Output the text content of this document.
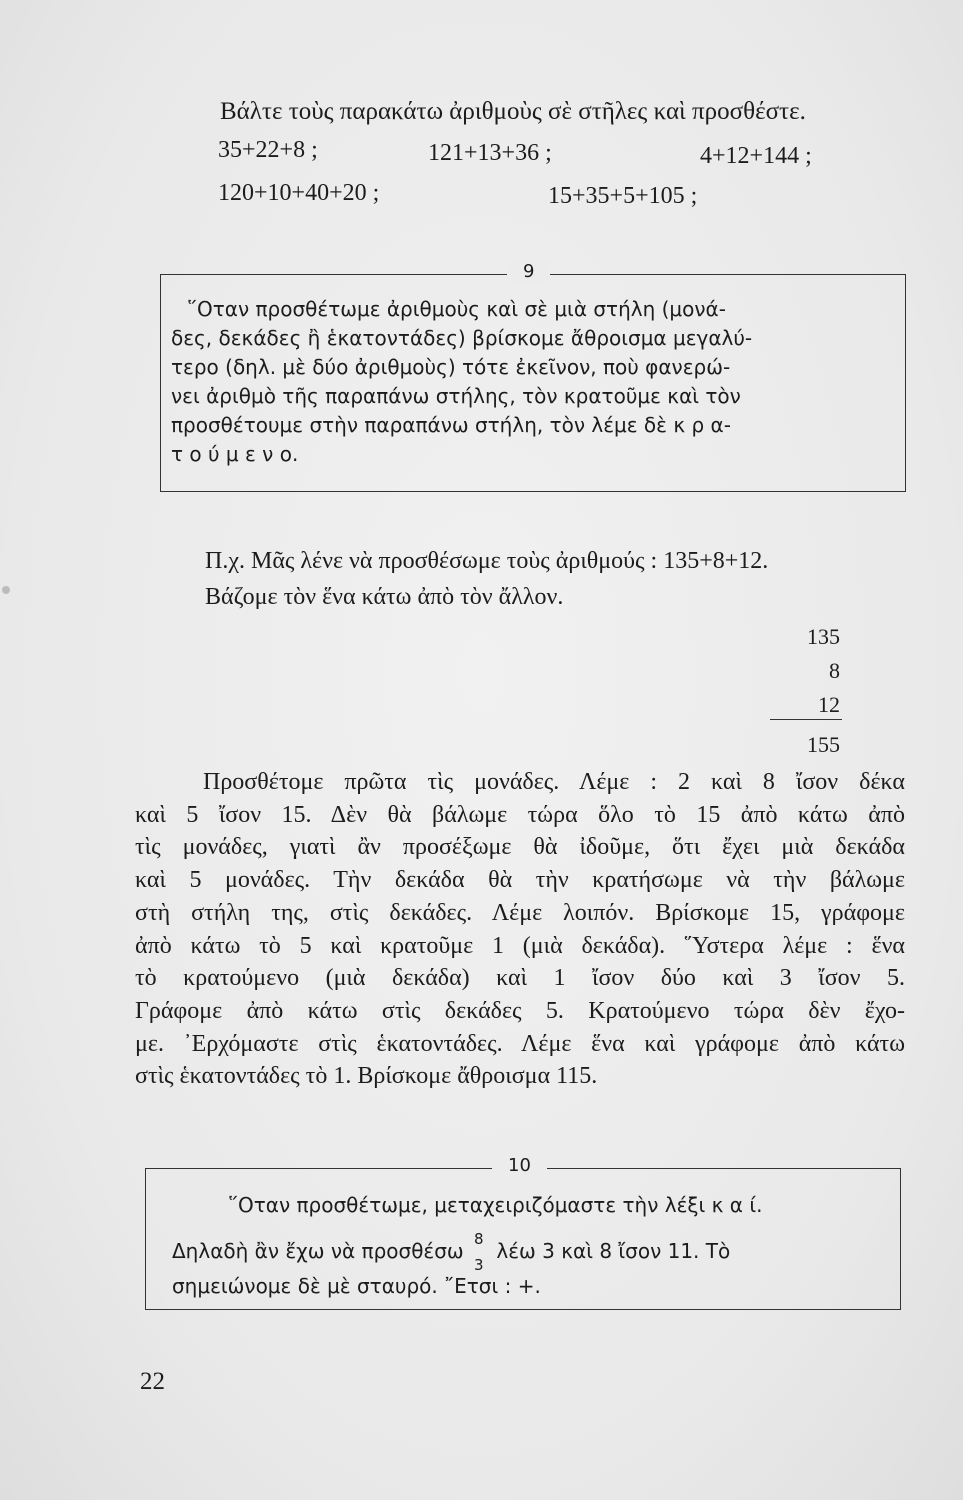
Βάλτε τοὺς παρακάτω ἀριθμοὺς σὲ στῆλες καὶ προσθέστε.
35+22+8 ;	121+13+36 ;	4+12+144 ;
120+10+40+20 ;	15+35+5+105 ;
9
῞Οταν προσθέτωμε ἀριθμοὺς καὶ σὲ μιὰ στήλη (μονά-
δες, δεκάδες ἢ ἑκατοντάδες) βρίσκομε ἄθροισμα μεγαλύ-
τερο (δηλ. μὲ δύο ἀριθμοὺς) τότε ἐκεῖνον, ποὺ φανερώ-
νει ἀριθμὸ τῆς παραπάνω στήλης, τὸν κρατοῦμε καὶ τὸν
προσθέτουμε στὴν παραπάνω στήλη, τὸν λέμε δὲ κ ρ α-
τ ο ύ μ ε ν ο.
Π.χ. Μᾶς λένε νὰ προσθέσωμε τοὺς ἀριθμούς : 135+8+12.
Βάζομε τὸν ἕνα κάτω ἀπὸ τὸν ἄλλον.
135
8
12
155
Προσθέτομε πρῶτα τὶς μονάδες. Λέμε : 2 καὶ 8 ἴσον δέκα
καὶ 5 ἴσον 15. Δὲν θὰ βάλωμε τώρα ὅλο τὸ 15 ἀπὸ κάτω ἀπὸ
τὶς μονάδες, γιατὶ ἂν προσέξωμε θὰ ἰδοῦμε, ὅτι ἔχει μιὰ δεκάδα
καὶ 5 μονάδες. Τὴν δεκάδα θὰ τὴν κρατήσωμε νὰ τὴν βάλωμε
στὴ στήλη της, στὶς δεκάδες. Λέμε λοιπόν. Βρίσκομε 15, γράφομε
ἀπὸ κάτω τὸ 5 καὶ κρατοῦμε 1 (μιὰ δεκάδα). ῞Υστερα λέμε : ἕνα
τὸ κρατούμενο (μιὰ δεκάδα) καὶ 1 ἴσον δύο καὶ 3 ἴσον 5.
Γράφομε ἀπὸ κάτω στὶς δεκάδες 5. Κρατούμενο τώρα δὲν ἔχο-
με. ᾿Ερχόμαστε στὶς ἑκατοντάδες. Λέμε ἕνα καὶ γράφομε ἀπὸ κάτω
στὶς ἑκατοντάδες τὸ 1. Βρίσκομε ἄθροισμα 115.
10
῞Οταν προσθέτωμε, μεταχειριζόμαστε τὴν λέξι κ α ί.
Δηλαδὴ ἂν ἔχω νὰ προσθέσω
8
3
λέω 3 καὶ 8 ἴσον 11. Τὸ
σημειώνομε δὲ μὲ σταυρό. ῎Ετσι : +.
22
